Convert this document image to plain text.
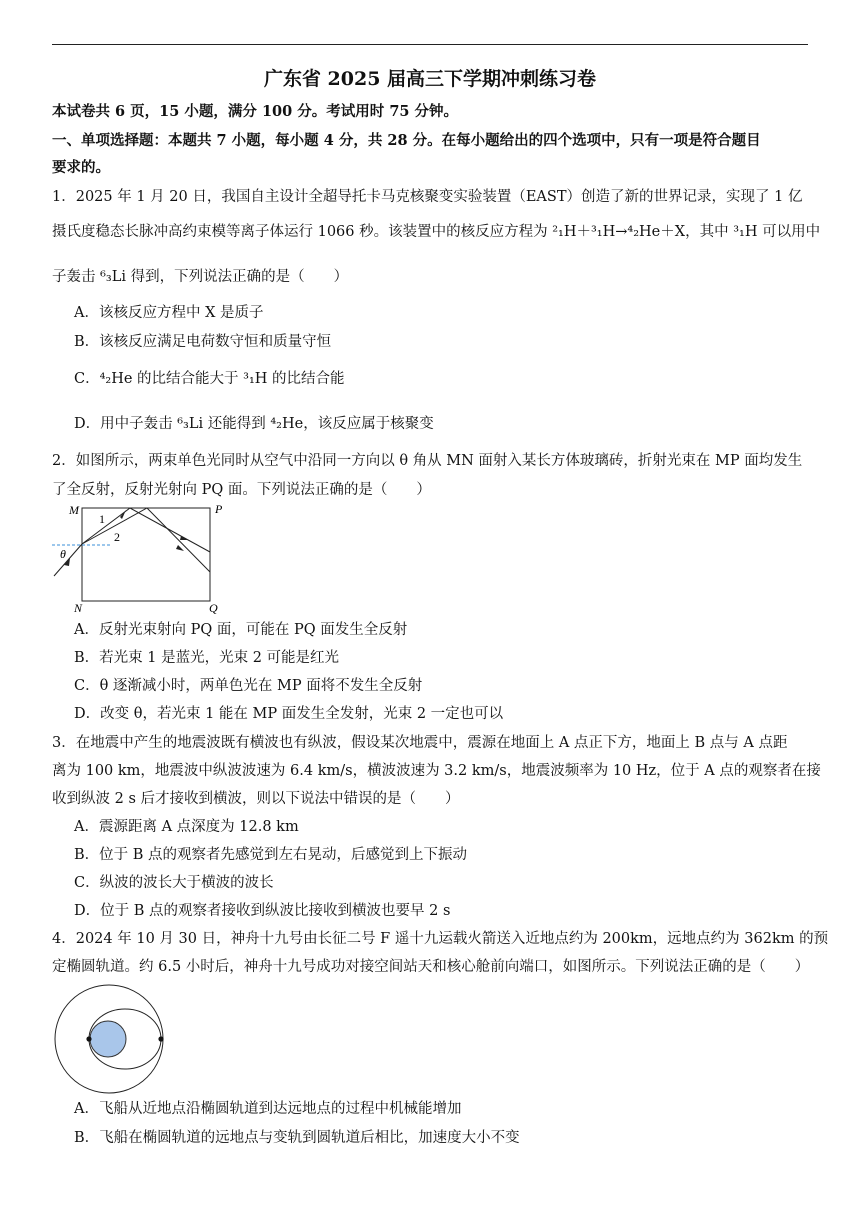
广东省 2025 届高三下学期冲刺练习卷
本试卷共 6 页，15 小题，满分 100 分。考试用时 75 分钟。
一、单项选择题：本题共 7 小题，每小题 4 分，共 28 分。在每小题给出的四个选项中，只有一项是符合题目
要求的。
1．2025 年 1 月 20 日，我国自主设计全超导托卡马克核聚变实验装置（EAST）创造了新的世界记录，实现了 1 亿
摄氏度稳态长脉冲高约束模等离子体运行 1066 秒。该装置中的核反应方程为 ²₁H＋³₁H→⁴₂He＋X，其中 ³₁H 可以用中
子轰击 ⁶₃Li 得到，下列说法正确的是（　　）
A．该核反应方程中 X 是质子
B．该核反应满足电荷数守恒和质量守恒
C．⁴₂He 的比结合能大于 ³₁H 的比结合能
D．用中子轰击 ⁶₃Li 还能得到 ⁴₂He，该反应属于核聚变
2．如图所示，两束单色光同时从空气中沿同一方向以 θ 角从 MN 面射入某长方体玻璃砖，折射光束在 MP 面均发生
了全反射，反射光射向 PQ 面。下列说法正确的是（　　）
M	P
N	Q
1
2
θ
A．反射光束射向 PQ 面，可能在 PQ 面发生全反射
B．若光束 1 是蓝光，光束 2 可能是红光
C．θ 逐渐减小时，两单色光在 MP 面将不发生全反射
D．改变 θ，若光束 1 能在 MP 面发生全发射，光束 2 一定也可以
3．在地震中产生的地震波既有横波也有纵波，假设某次地震中，震源在地面上 A 点正下方，地面上 B 点与 A 点距
离为 100 km，地震波中纵波波速为 6.4 km/s，横波波速为 3.2 km/s，地震波频率为 10 Hz，位于 A 点的观察者在接
收到纵波 2 s 后才接收到横波，则以下说法中错误的是（　　）
A．震源距离 A 点深度为 12.8 km
B．位于 B 点的观察者先感觉到左右晃动，后感觉到上下振动
C．纵波的波长大于横波的波长
D．位于 B 点的观察者接收到纵波比接收到横波也要早 2 s
4．2024 年 10 月 30 日，神舟十九号由长征二号 F 遥十九运载火箭送入近地点约为 200km，远地点约为 362km 的预
定椭圆轨道。约 6.5 小时后，神舟十九号成功对接空间站天和核心舱前向端口，如图所示。下列说法正确的是（　　）
A．飞船从近地点沿椭圆轨道到达远地点的过程中机械能增加
B．飞船在椭圆轨道的远地点与变轨到圆轨道后相比，加速度大小不变
